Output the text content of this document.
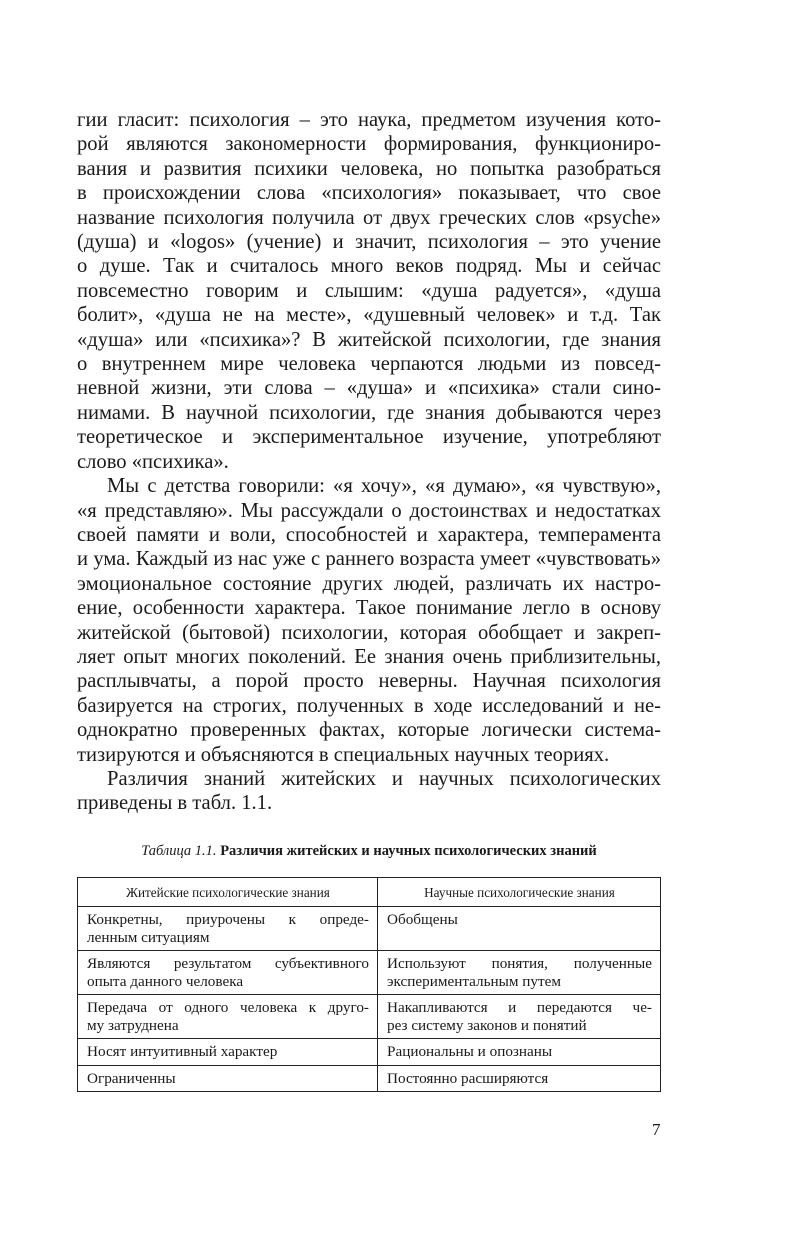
гии гласит: психология – это наука, предметом изучения кото-
рой являются закономерности формирования, функциониро-
вания и развития психики человека, но попытка разобраться
в происхождении слова «психология» показывает, что свое
название психология получила от двух греческих слов «psyche»
(душа) и «logos» (учение) и значит, психология – это учение
о душе. Так и считалось много веков подряд. Мы и сейчас
повсеместно говорим и слышим: «душа радуется», «душа
болит», «душа не на месте», «душевный человек» и т.д. Так
«душа» или «психика»? В житейской психологии, где знания
о внутреннем мире человека черпаются людьми из повсед-
невной жизни, эти слова – «душа» и «психика» стали сино-
нимами. В научной психологии, где знания добываются через
теоретическое и экспериментальное изучение, употребляют
слово «психика».

Мы с детства говорили: «я хочу», «я думаю», «я чувствую»,
«я представляю». Мы рассуждали о достоинствах и недостатках
своей памяти и воли, способностей и характера, темперамента
и ума. Каждый из нас уже с раннего возраста умеет «чувствовать»
эмоциональное состояние других людей, различать их настро-
ение, особенности характера. Такое понимание легло в основу
житейской (бытовой) психологии, которая обобщает и закреп-
ляет опыт многих поколений. Ее знания очень приблизительны,
расплывчаты, а порой просто неверны. Научная психология
базируется на строгих, полученных в ходе исследований и не-
однократно проверенных фактах, которые логически система-
тизируются и объясняются в специальных научных теориях.

Различия знаний житейских и научных психологических
приведены в табл. 1.1.

Таблица 1.1. Различия житейских и научных психологических знаний
Житейские психологические знания	Научные психологические знания

Конкретны, приурочены к опреде-
ленным ситуациям	Обобщены

Являются результатом субъективного
опыта данного человека	Используют понятия, полученные
экспериментальным путем

Передача от одного человека к друго-
му затруднена	Накапливаются и передаются че-
рез систему законов и понятий

Носят интуитивный характер	Рациональны и опознаны

Ограниченны	Постоянно расширяются
7
